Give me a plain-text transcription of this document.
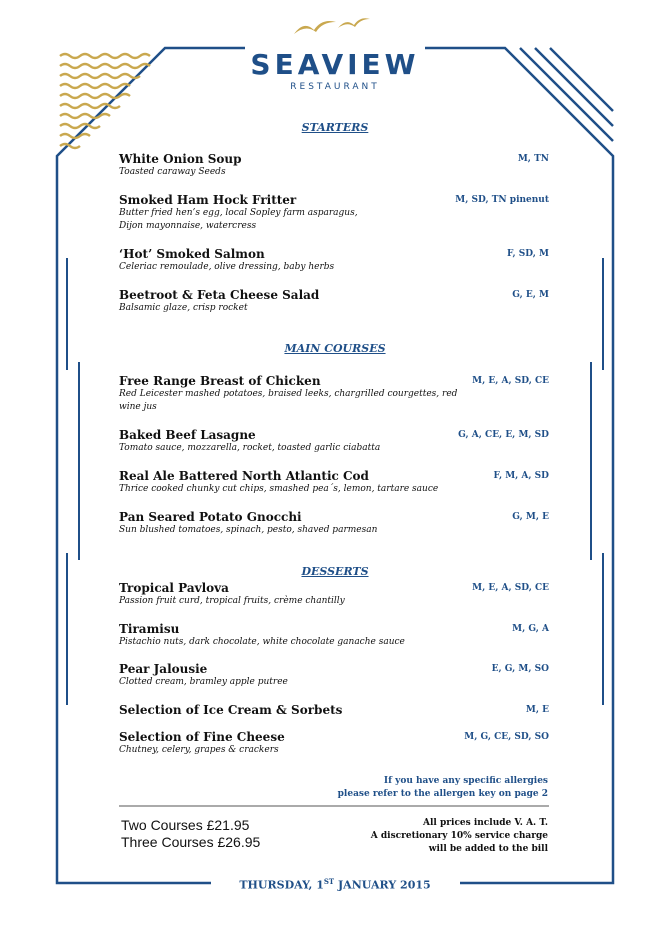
SEAVIEW
RESTAURANT
STARTERS
White Onion Soup
Toasted caraway Seeds
M, TN
Smoked Ham Hock Fritter
Butter fried hen’s egg, local Sopley farm asparagus, Dijon mayonnaise, watercress
M, SD, TN pinenut
‘Hot’ Smoked Salmon
Celeriac remoulade, olive dressing, baby herbs
F, SD, M
Beetroot & Feta Cheese Salad
Balsamic glaze, crisp rocket
G, E, M
MAIN COURSES
Free Range Breast of Chicken
Red Leicester mashed potatoes, braised leeks, chargrilled courgettes, red wine jus
M, E, A, SD, CE
Baked Beef Lasagne
Tomato sauce, mozzarella, rocket, toasted garlic ciabatta
G, A, CE, E, M, SD
Real Ale Battered North Atlantic Cod
Thrice cooked chunky cut chips, smashed pea´s, lemon, tartare sauce
F, M, A, SD
Pan Seared Potato Gnocchi
Sun blushed tomatoes, spinach, pesto, shaved parmesan
G, M, E
DESSERTS
Tropical Pavlova
Passion fruit curd, tropical fruits, crème chantilly
M, E, A, SD, CE
Tiramisu
Pistachio nuts, dark chocolate, white chocolate ganache sauce
M, G, A
Pear Jalousie
Clotted cream, bramley apple putree
E, G, M, SO
Selection of Ice Cream & Sorbets	M, E
Selection of Fine Cheese
Chutney, celery, grapes & crackers
M, G, CE, SD, SO
If you have any specific allergies
please refer to the allergen key on page 2
Two Courses £21.95
Three Courses £26.95
All prices include V. A. T.
A discretionary 10% service charge
will be added to the bill
THURSDAY, 1ST JANUARY 2015
